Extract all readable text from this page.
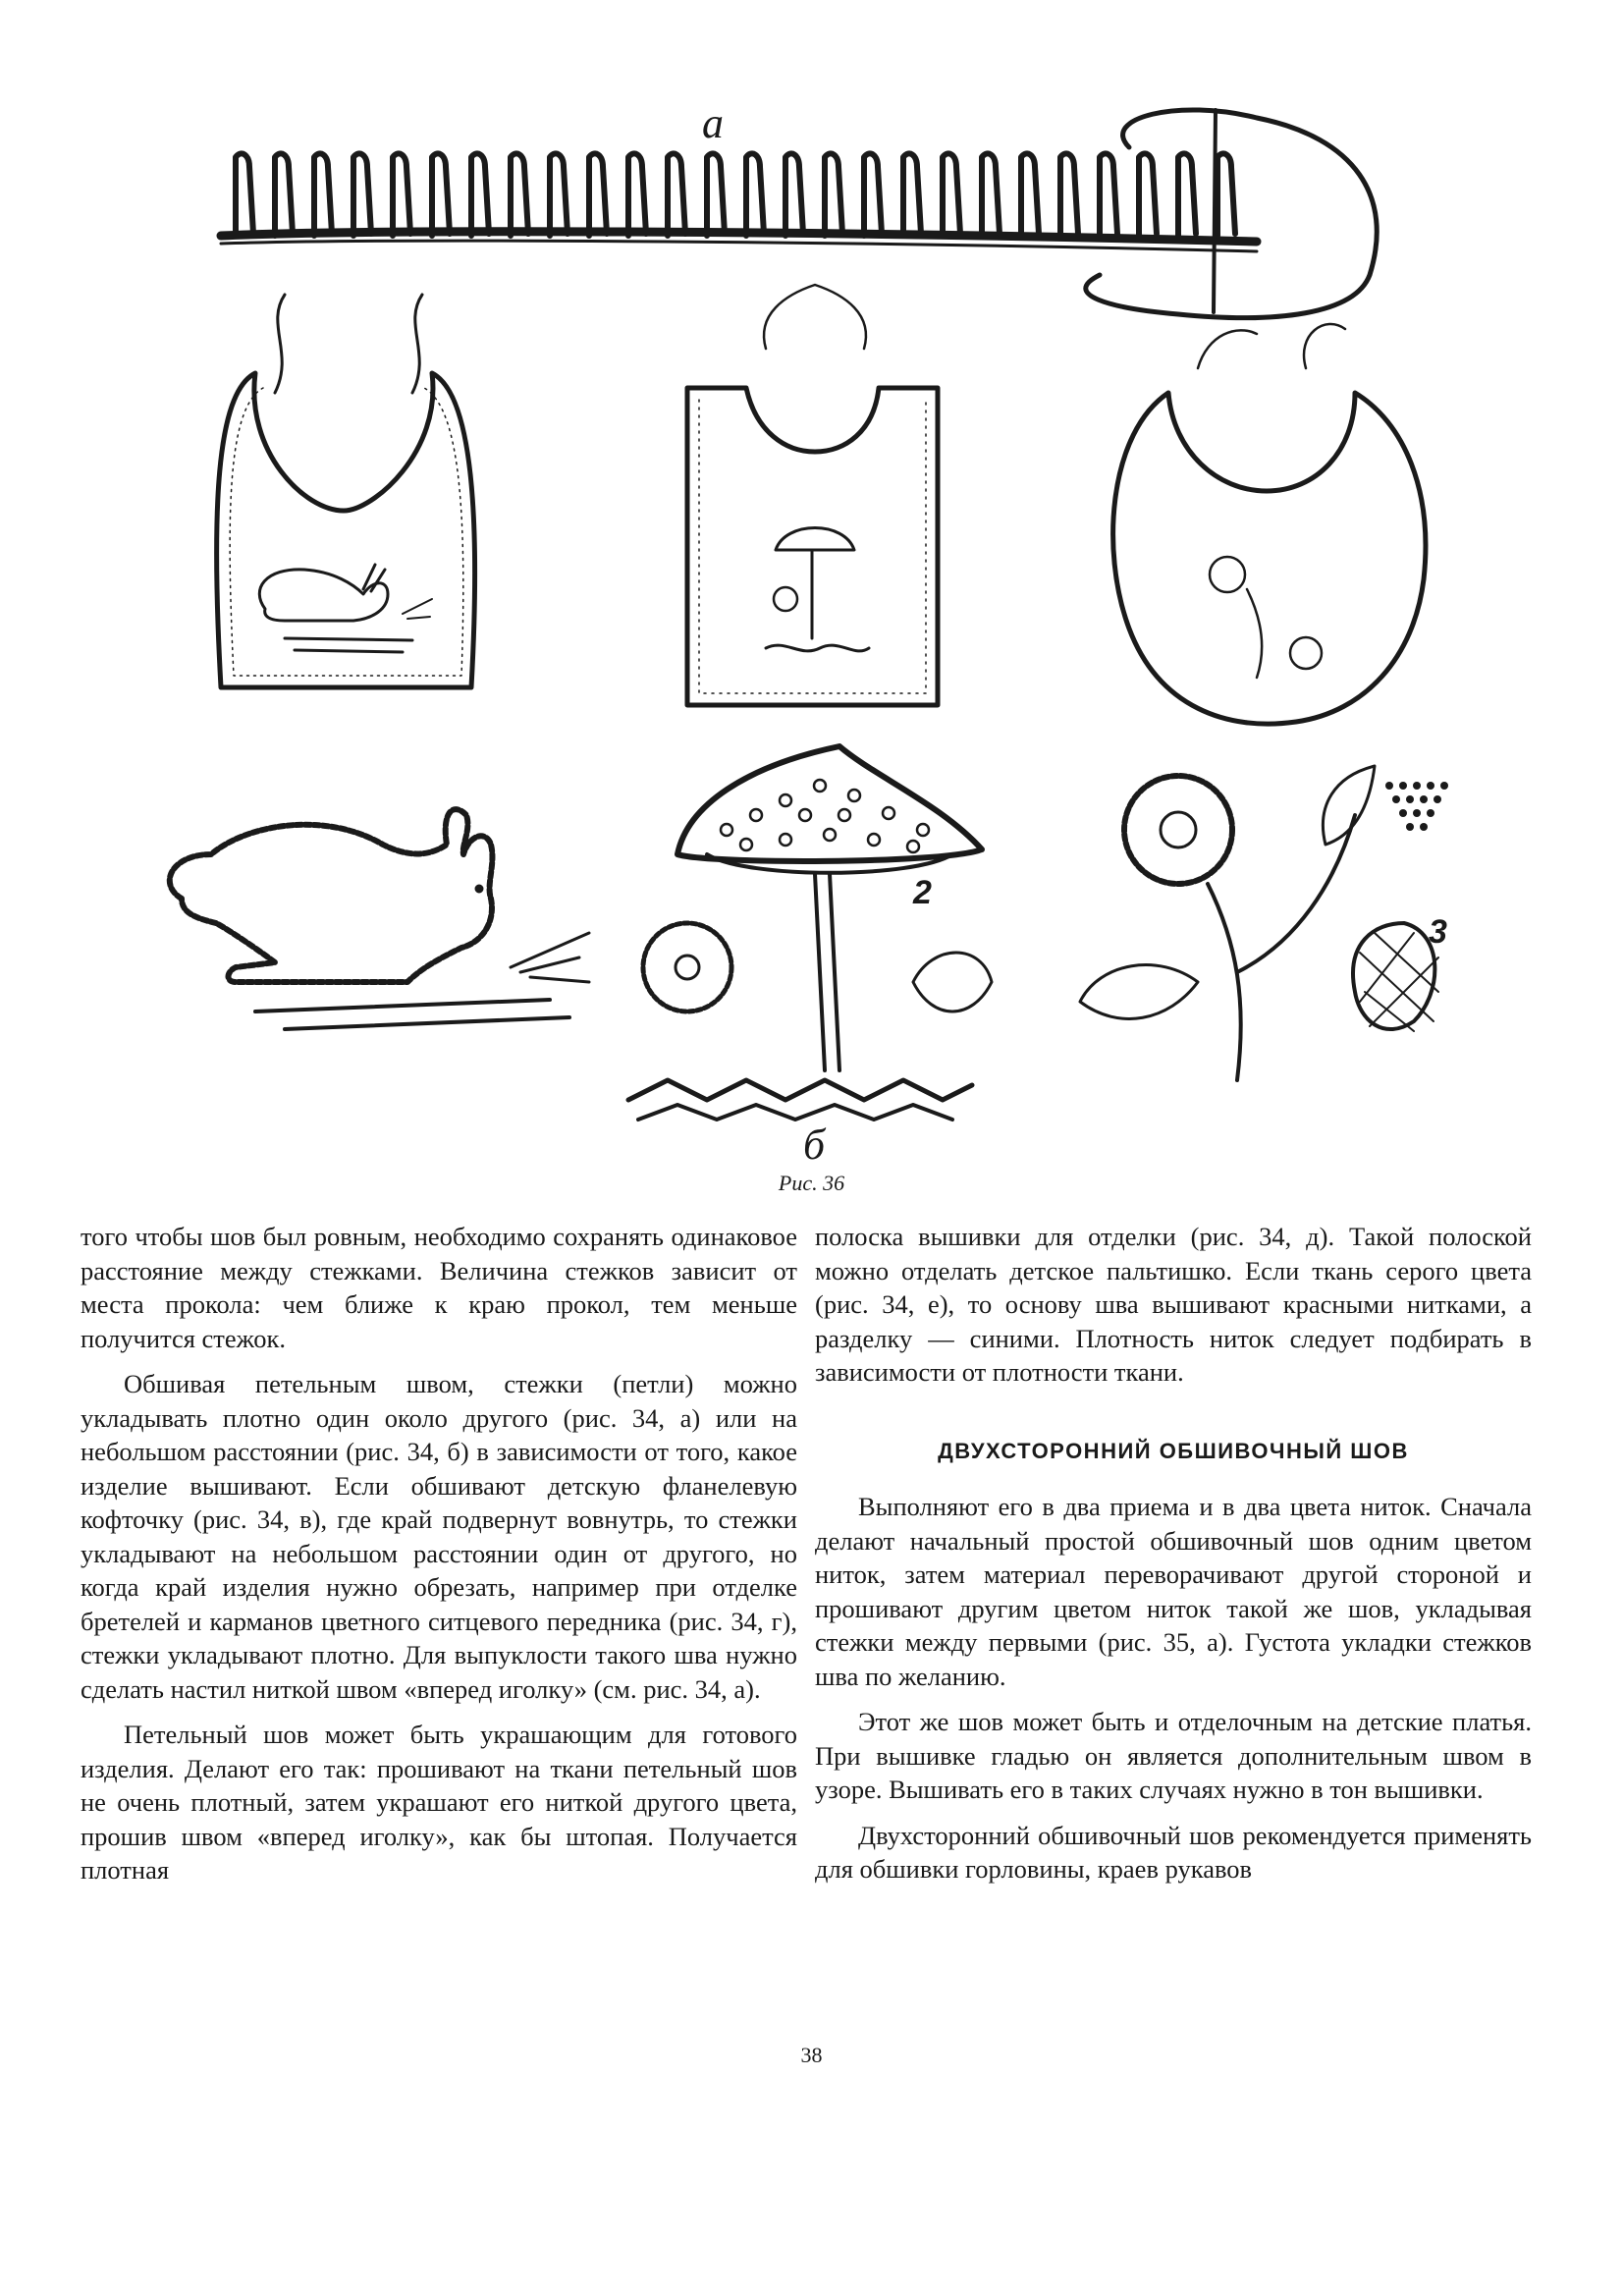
а
2
3
б
Рис. 36

того чтобы шов был ровным, необходимо сохранять одинаковое расстояние между стежками. Величина стежков зависит от места прокола: чем ближе к краю прокол, тем меньше получится стежок.

Обшивая петельным швом, стежки (петли) можно укладывать плотно один около другого (рис. 34, а) или на небольшом расстоянии (рис. 34, б) в зависимости от того, какое изделие вышивают. Если обшивают детскую фланелевую кофточку (рис. 34, в), где край подвернут вовнутрь, то стежки укладывают на небольшом расстоянии один от другого, но когда край изделия нужно обрезать, например при отделке бретелей и карманов цветного ситцевого передника (рис. 34, г), стежки укладывают плотно. Для выпуклости такого шва нужно сделать настил ниткой швом «вперед иголку» (см. рис. 34, а).

Петельный шов может быть украшающим для готового изделия. Делают его так: прошивают на ткани петельный шов не очень плотный, затем украшают его ниткой другого цвета, прошив швом «вперед иголку», как бы штопая. Получается плотная

полоска вышивки для отделки (рис. 34, д). Такой полоской можно отделать детское пальтишко. Если ткань серого цвета (рис. 34, е), то основу шва вышивают красными нитками, а разделку — синими. Плотность ниток следует подбирать в зависимости от плотности ткани.

ДВУХСТОРОННИЙ ОБШИВОЧНЫЙ ШОВ

Выполняют его в два приема и в два цвета ниток. Сначала делают начальный простой обшивочный шов одним цветом ниток, затем материал переворачивают другой стороной и прошивают другим цветом ниток такой же шов, укладывая стежки между первыми (рис. 35, а). Густота укладки стежков шва по желанию.

Этот же шов может быть и отделочным на детские платья. При вышивке гладью он является дополнительным швом в узоре. Вышивать его в таких случаях нужно в тон вышивки.

Двухсторонний обшивочный шов рекомендуется применять для обшивки горловины, краев рукавов

38
